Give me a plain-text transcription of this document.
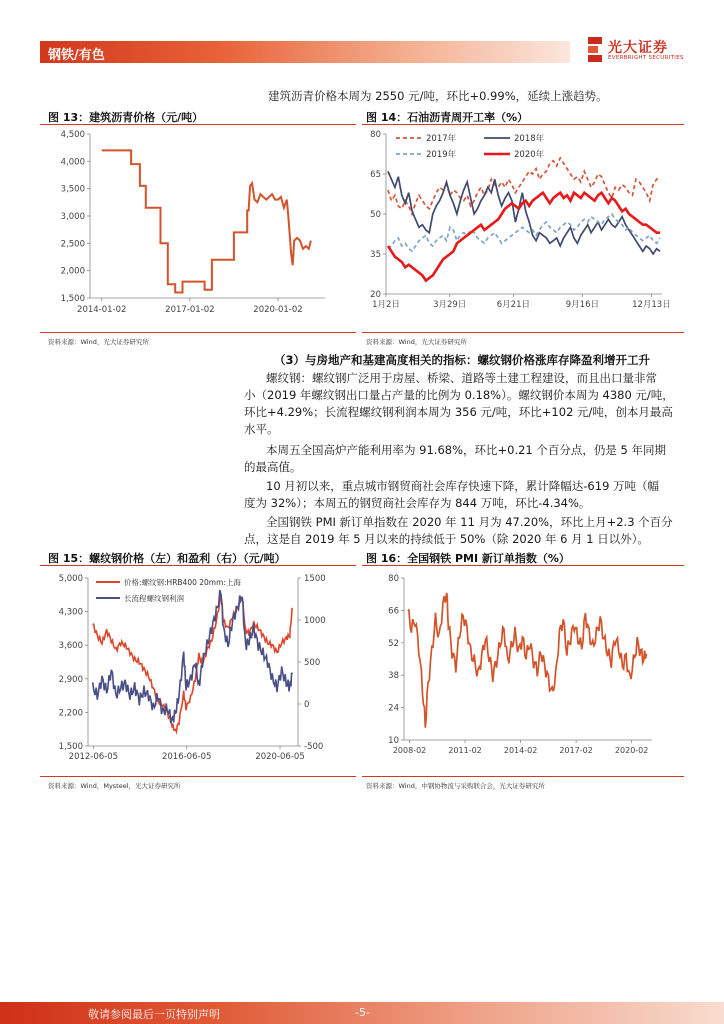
钢铁/有色	光大证券
EVERBRIGHT SECURITIES
建筑沥青价格本周为 2550 元/吨，环比+0.99%，延续上涨趋势。
图 13：建筑沥青价格（元/吨）	图 14：石油沥青周开工率（%）
1,500
2,000
2,500
3,000
3,500
4,000
4,500
2014-01-02	2017-01-02	2020-01-02
20
35
50
65
80
1月2日	3月29日	6月21日	9月16日	12月13日
2017年	2018年
2019年	2020年
资料来源：Wind，光大证券研究所	资料来源：Wind，光大证券研究所
（3）与房地产和基建高度相关的指标：螺纹钢价格涨库存降盈利增开工升
螺纹钢：螺纹钢广泛用于房屋、桥梁、道路等土建工程建设，而且出口量非常
小（2019 年螺纹钢出口量占产量的比例为 0.18%）。螺纹钢价本周为 4380 元/吨，
环比+4.29%；长流程螺纹钢利润本周为 356 元/吨，环比+102 元/吨，创本月最高
水平。
本周五全国高炉产能利用率为 91.68%，环比+0.21 个百分点，仍是 5 年同期
的最高值。
10 月初以来，重点城市钢贸商社会库存快速下降，累计降幅达-619 万吨（幅
度为 32%）；本周五的钢贸商社会库存为 844 万吨，环比-4.34%。
全国钢铁 PMI 新订单指数在 2020 年 11 月为 47.20%，环比上月+2.3 个百分
点，这是自 2019 年 5 月以来的持续低于 50%（除 2020 年 6 月 1 日以外）。
图 15：螺纹钢价格（左）和盈利（右）（元/吨）	图 16：全国钢铁 PMI 新订单指数（%）
1,500
2,200
2,900
3,600
4,300
5,000
-500
0
500
1000
1500
2012-06-05	2016-06-05	2020-06-05
价格:螺纹钢:HRB400 20mm:上海
长流程螺纹钢利润
10
24
38
52
66
80
2008-02	2011-02	2014-02	2017-02	2020-02
资料来源：Wind，Mysteel，光大证券研究所	资料来源：Wind，中钢协物流与采购联合会，光大证券研究所
敬请参阅最后一页特别声明	-5-
